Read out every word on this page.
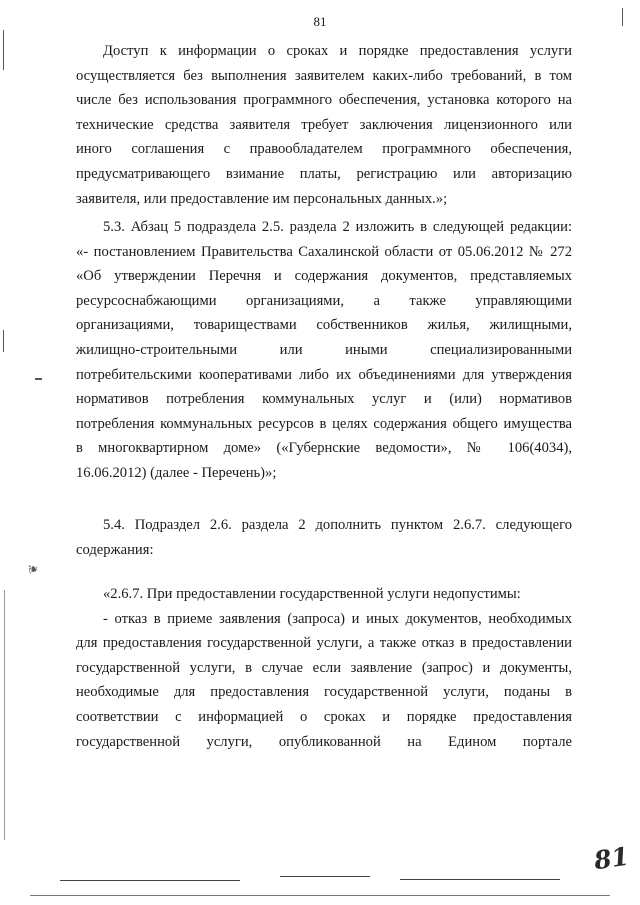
81
Доступ к информации о сроках и порядке предоставления услуги
осуществляется без выполнения заявителем каких-либо требований, в том
числе без использования программного обеспечения, установка которого на
технические средства заявителя требует заключения лицензионного или
иного соглашения с правообладателем программного обеспечения,
предусматривающего взимание платы, регистрацию или авторизацию
заявителя, или предоставление им персональных данных.»;
5.3. Абзац 5 подраздела 2.5. раздела 2 изложить в следующей редакции:
«- постановлением Правительства Сахалинской области от 05.06.2012 № 272
«Об утверждении Перечня и содержания документов, представляемых
ресурсоснабжающими организациями, а также управляющими
организациями, товариществами собственников жилья, жилищными,
жилищно-строительными или иными специализированными
потребительскими кооперативами либо их объединениями для утверждения
нормативов потребления коммунальных услуг и (или) нормативов
потребления коммунальных ресурсов в целях содержания общего имущества
в многоквартирном доме» («Губернские ведомости», № 106(4034),
16.06.2012) (далее - Перечень)»;
5.4. Подраздел 2.6. раздела 2 дополнить пунктом 2.6.7. следующего
содержания:
«2.6.7. При предоставлении государственной услуги недопустимы:
- отказ в приеме заявления (запроса) и иных документов, необходимых
для предоставления государственной услуги, а также отказ в предоставлении
государственной услуги, в случае если заявление (запрос) и документы,
необходимые для предоставления государственной услуги, поданы в
соответствии с информацией о сроках и порядке предоставления
государственной услуги, опубликованной на Едином портале
81
❦
